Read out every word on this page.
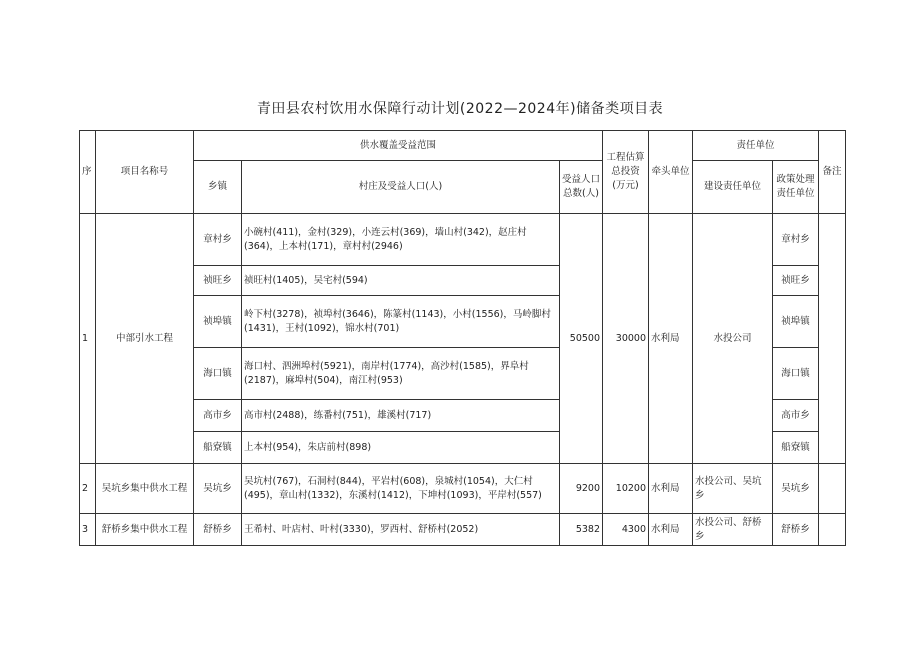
青田县农村饮用水保障行动计划(2022—2024年)储备类项目表
序	项目名称号	供水覆盖受益范围			工程估算总投资(万元)	牵头单位	责任单位		备注
		乡镇	村庄及受益人口(人)	受益人口总数(人)			建设责任单位	政策处理责任单位	
1	中部引水工程	章村乡	小碗村(411)，金村(329)，小连云村(369)，墙山村(342)，赵庄村(364)，上本村(171)，章村村(2946)	50500	30000	水利局	水投公司	章村乡	
		祯旺乡	祯旺村(1405)，吴宅村(594)					祯旺乡	
		祯埠镇	岭下村(3278)，祯埠村(3646)，陈篆村(1143)，小឴村(1556)，马岭脚村(1431)，王村(1092)，锦水村(701)					祯埠镇	
		海口镇	海口村、泗洲埠村(5921)，南岸村(1774)，高沙村(1585)，界阜村(2187)，麻埠村(504)，南江村(953)					海口镇	
		高市乡	高市村(2488)，练番村(751)，雄溪村(717)					高市乡	
		船寮镇	上本村(954)，朱店前村(898)					船寮镇	
2	吴坑乡集中供水工程	吴坑乡	吴坑村(767)，石洞村(844)，平岩村(608)，泉城村(1054)，大仁村(495)，章山村(1332)，东溪村(1412)，下坤村(1093)，平岸村(557)	9200	10200	水利局	水投公司、吴坑乡	吴坑乡	
3	舒桥乡集中供水工程	舒桥乡	王希村、叶店村、叶村(3330)，罗西村、舒桥村(2052)	5382	4300	水利局	水投公司、舒桥乡	舒桥乡	
